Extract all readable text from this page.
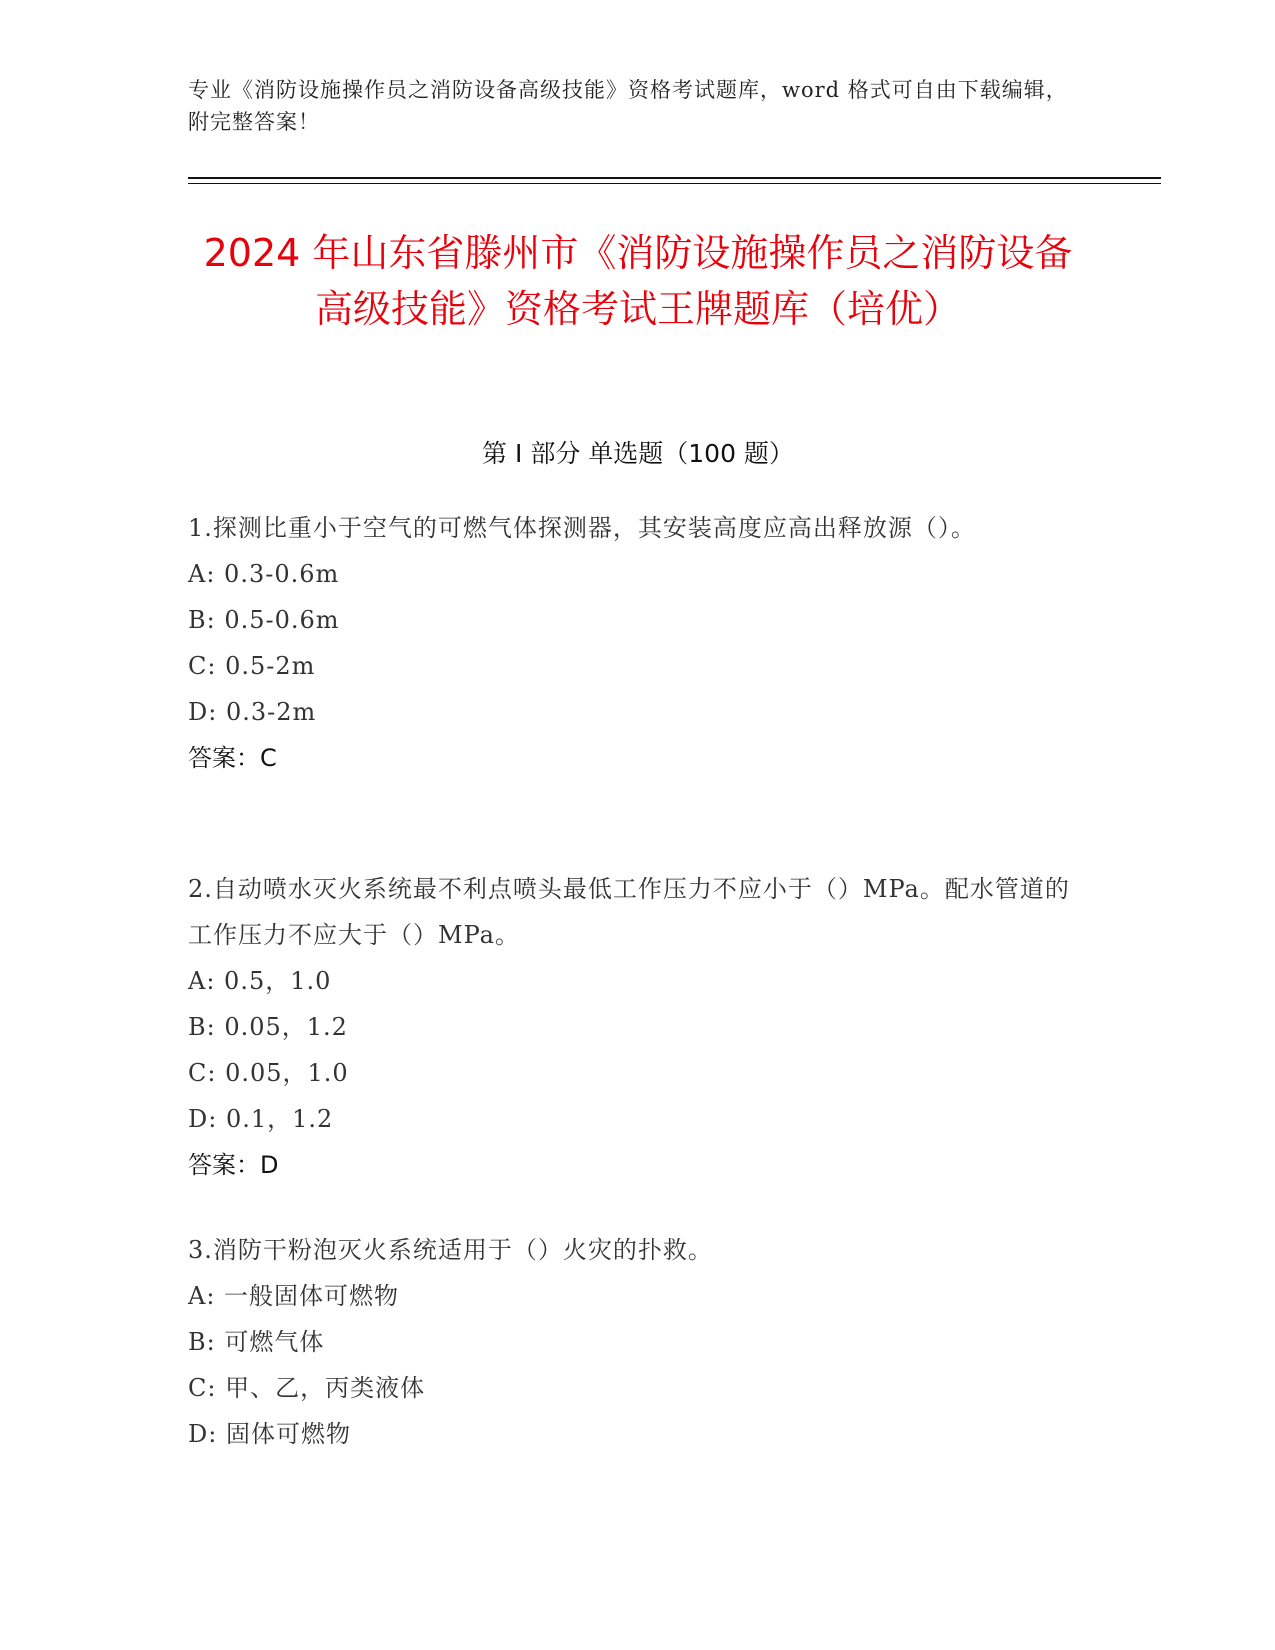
专业《消防设施操作员之消防设备高级技能》资格考试题库，word 格式可自由下载编辑，附完整答案！
2024 年山东省滕州市《消防设施操作员之消防设备高级技能》资格考试王牌题库（培优）
第 I 部分 单选题（100 题）

1.探测比重小于空气的可燃气体探测器，其安装高度应高出释放源（）。

A: 0.3-0.6m

B: 0.5-0.6m

C: 0.5-2m

D: 0.3-2m

答案：C

2.自动喷水灭火系统最不利点喷头最低工作压力不应小于（）MPa。配水管道的工作压力不应大于（）MPa。

A: 0.5，1.0

B: 0.05，1.2

C: 0.05，1.0

D: 0.1，1.2

答案：D

3.消防干粉泡灭火系统适用于（）火灾的扑救。

A: 一般固体可燃物

B: 可燃气体

C: 甲、乙，丙类液体

D: 固体可燃物
